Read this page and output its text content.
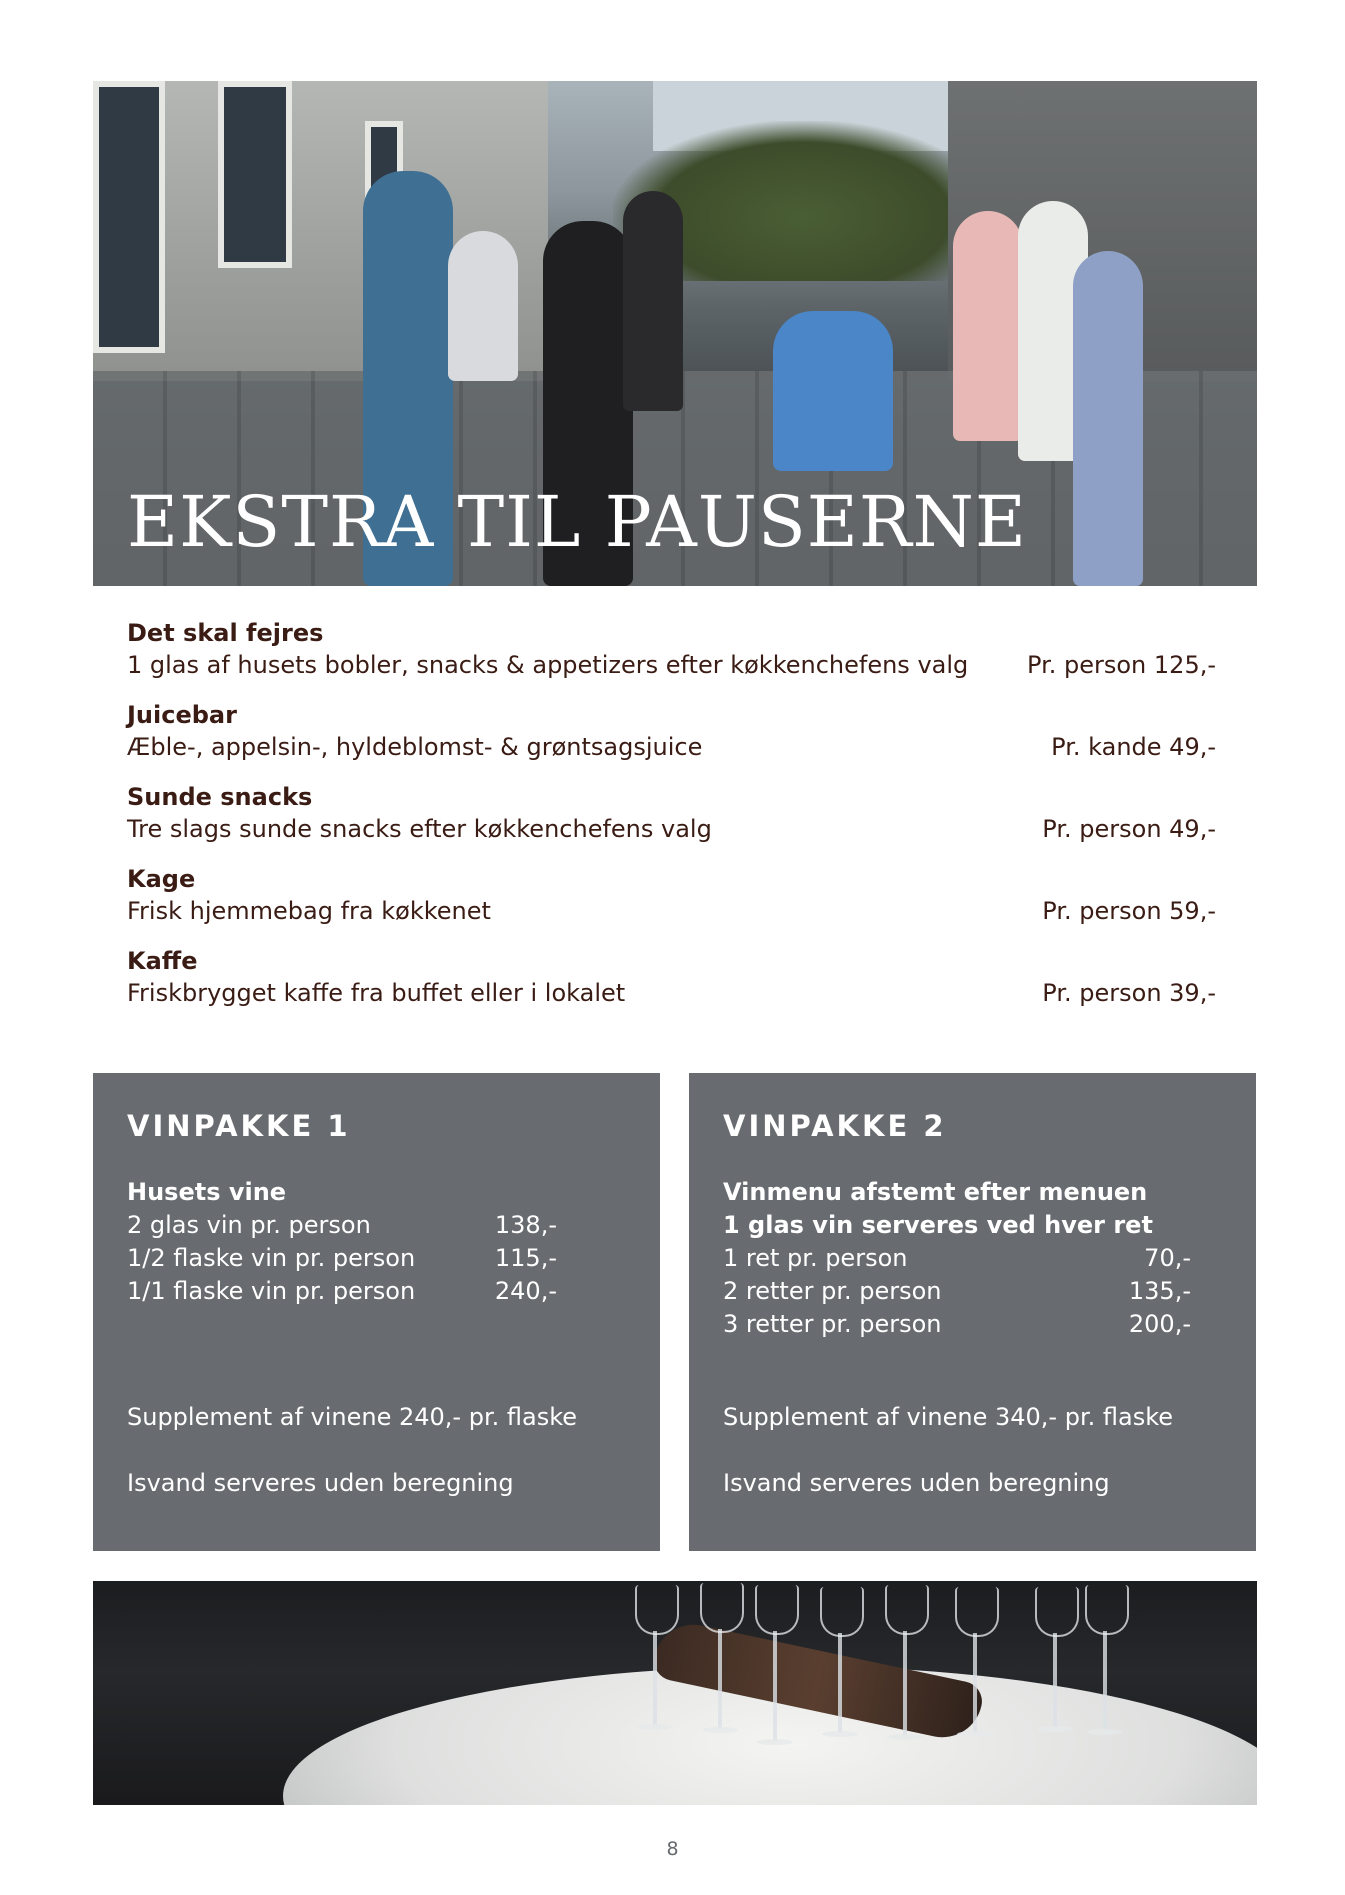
EKSTRA TIL PAUSERNE
Det skal fejres
1 glas af husets bobler, snacks & appetizers efter køkkenchefens valg	Pr. person 125,-
Juicebar
Æble-, appelsin-, hyldeblomst- & grøntsagsjuice	Pr. kande 49,-
Sunde snacks
Tre slags sunde snacks efter køkkenchefens valg	Pr. person 49,-
Kage
Frisk hjemmebag fra køkkenet	Pr. person 59,-
Kaffe
Friskbrygget kaffe fra buffet eller i lokalet	Pr. person 39,-
VINPAKKE 1
Husets vine
2 glas vin pr. person	138,-
1/2 flaske vin pr. person	115,-
1/1 flaske vin pr. person	240,-
Supplement af vinene 240,- pr. flaske
Isvand serveres uden beregning
VINPAKKE 2
Vinmenu afstemt efter menuen
1 glas vin serveres ved hver ret
1 ret pr. person	70,-
2 retter pr. person	135,-
3 retter pr. person	200,-
Supplement af vinene 340,- pr. flaske
Isvand serveres uden beregning
8
